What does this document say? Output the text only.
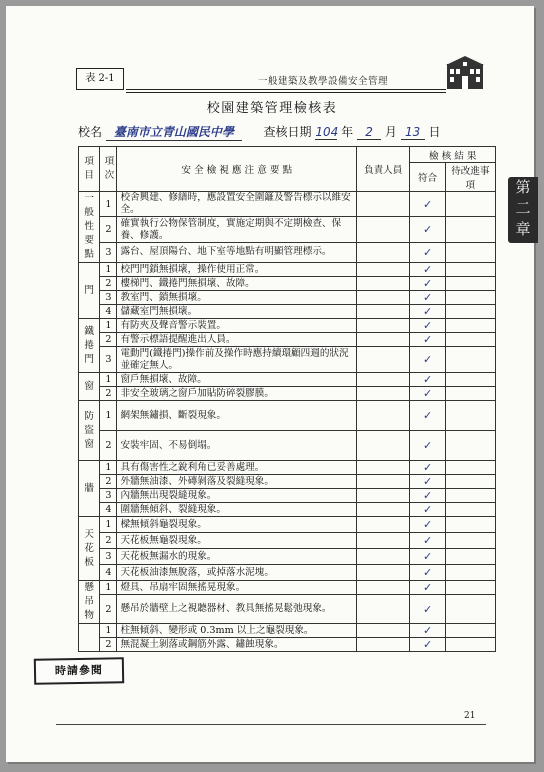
表 2-1	一般建築及教學設備安全管理
第二章
時請參閱
21
校園建築管理檢核表
校名 臺南市立青山國民中學 查核日期 104 年 2 月 13 日
項目	項次	安 全 檢 視 應 注 意 要 點	負責人員	檢 核 結 果	
				符合	待改進事項
一般性要點	1	校舍興建、修繕時，應設置安全圍籬及警告標示以維安全。		✓	
	2	確實執行公物保管制度，實施定期與不定期檢查、保養、修護。		✓	
	3	露台、屋頂陽台、地下室等地點有明顯管理標示。		✓	
門	1	校門門鎖無損壞，操作使用正常。		✓	
	2	樓梯門、鐵捲門無損壞、故障。		✓	
	3	教室門、鎖無損壞。		✓	
	4	儲藏室門無損壞。		✓	
鐵捲門	1	有防夾及聲音警示裝置。		✓	
	2	有警示標語提醒進出人員。		✓	
	3	電動門(鐵捲門)操作前及操作時應持續環顧四週的狀況並確定無人。		✓	
窗	1	窗戶無損壞、故障。		✓	
	2	非安全玻璃之窗戶加貼防碎裂膠膜。		✓	
防盜窗	1	網架無鏽損、斷裂現象。		✓	
	2	安裝牢固、不易倒塌。		✓	
牆	1	具有傷害性之銳利角已妥善處理。		✓	
	2	外牆無油漆、外磚剝落及裂縫現象。		✓	
	3	內牆無出現裂縫現象。		✓	
	4	圍牆無傾斜、裂縫現象。		✓	
天花板	1	樑無傾斜龜裂現象。		✓	
	2	天花板無龜裂現象。		✓	
	3	天花板無漏水的現象。		✓	
	4	天花板油漆無脫落，或掉落水泥塊。		✓	
懸吊物	1	燈具、吊扇牢固無搖晃現象。		✓	
	2	懸吊於牆壁上之視聽器材、教具無搖晃鬆弛現象。		✓	
	1	柱無傾斜、變形或 0.3mm 以上之龜裂現象。		✓	
	2	無混凝土剝落或鋼筋外露、鏽蝕現象。		✓	
